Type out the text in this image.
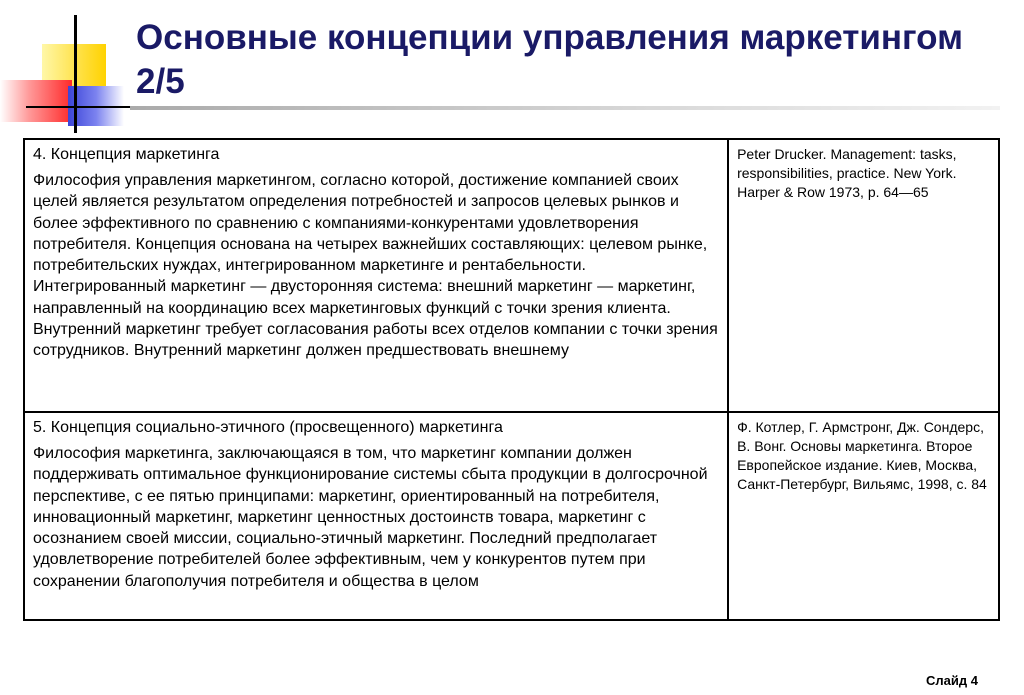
Основные концепции управления маркетингом 2/5

4. Концепция маркетинга

Философия управления маркетингом, согласно которой, достижение компанией своих целей является результатом определения потребностей и запросов целевых рынков и более эффективного по сравнению с компаниями-конкурентами удовлетворения потребителя. Концепция основана на четырех важнейших составляющих: целевом рынке, потребительских нуждах, интегрированном маркетинге и рентабельности. Интегрированный маркетинг — двусторонняя система: внешний маркетинг — маркетинг, направленный на координацию всех маркетинговых функций с точки зрения клиента. Внутренний маркетинг требует согласования работы всех отделов компании с точки зрения сотрудников. Внутренний маркетинг должен предшествовать внешнему	Peter Drucker. Management: tasks, responsibilities, practice. New York. Harper & Row 1973, p. 64—65

5. Концепция социально-этичного (просвещенного) маркетинга

Философия маркетинга, заключающаяся в том, что маркетинг компании должен поддерживать оптимальное функционирование системы сбыта продукции в долгосрочной перспективе, с ее пятью принципами: маркетинг, ориентированный на потребителя, инновационный маркетинг, маркетинг ценностных достоинств товара, маркетинг с осознанием своей миссии, социально-этичный маркетинг. Последний предполагает удовлетворение потребителей более эффективным, чем у конкурентов путем при сохранении благополучия потребителя и общества в целом	Ф. Котлер, Г. Армстронг, Дж. Сондерс, В. Вонг. Основы маркетинга. Второе Европейское издание. Киев, Москва, Санкт-Петербург, Вильямс, 1998, с. 84

Слайд 4
